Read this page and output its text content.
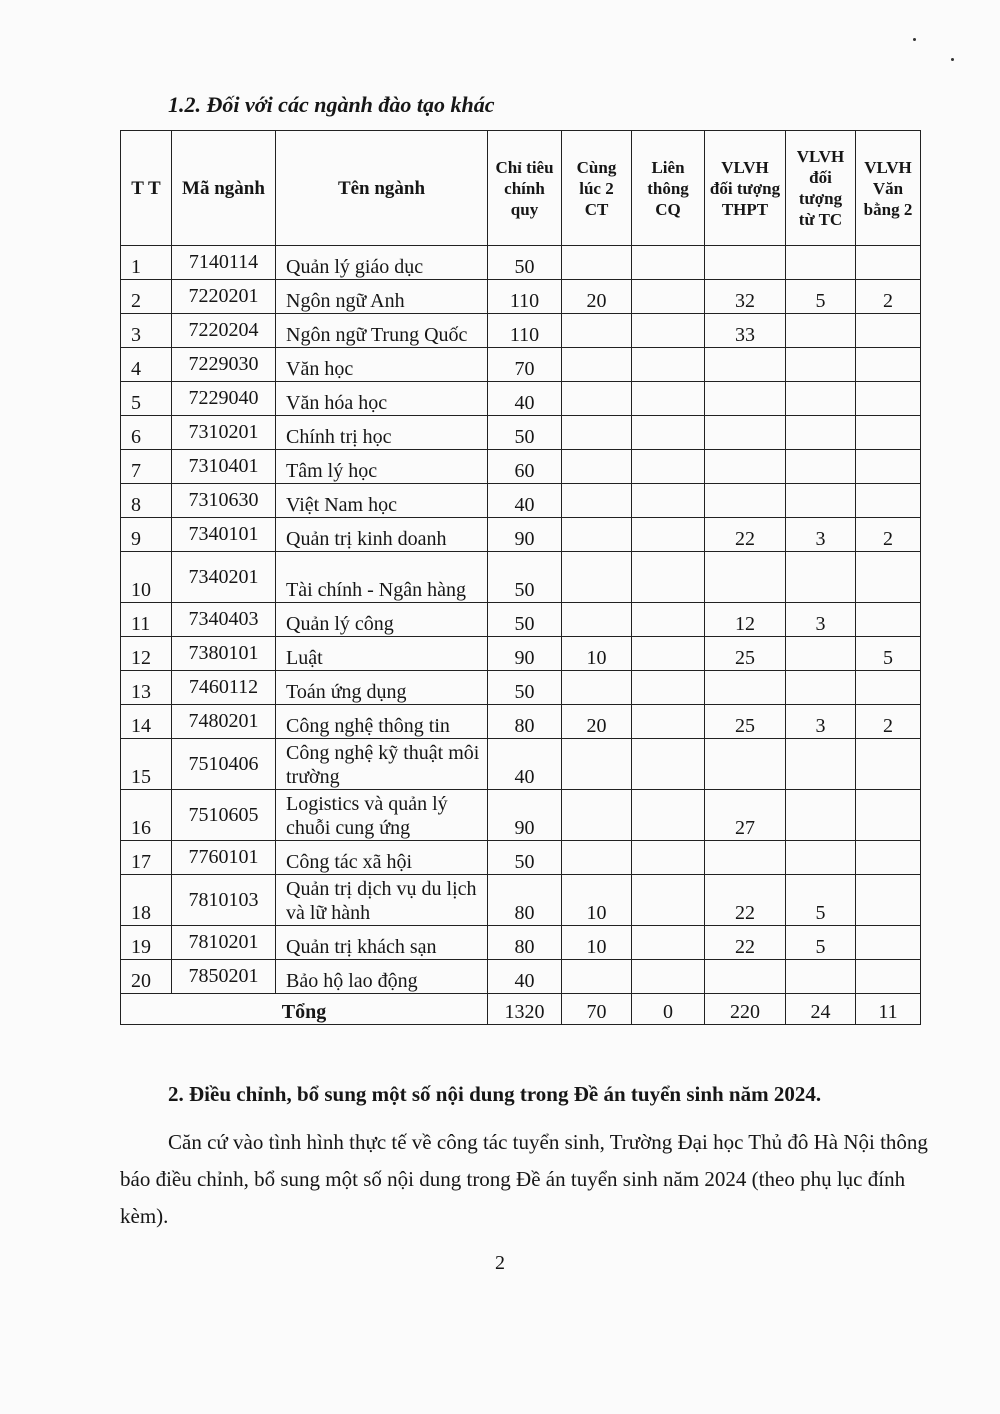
1.2. Đối với các ngành đào tạo khác

T T	Mã ngành	Tên ngành	Chỉ tiêu chính quy	Cùng lúc 2 CT	Liên thông CQ	VLVH đối tượng THPT	VLVH đối tượng từ TC	VLVH Văn bằng 2
1	7140114	Quản lý giáo dục	50					
2	7220201	Ngôn ngữ Anh	110	20		32	5	2
3	7220204	Ngôn ngữ Trung Quốc	110			33		
4	7229030	Văn học	70					
5	7229040	Văn hóa học	40					
6	7310201	Chính trị học	50					
7	7310401	Tâm lý học	60					
8	7310630	Việt Nam học	40					
9	7340101	Quản trị kinh doanh	90			22	3	2
10	7340201	Tài chính - Ngân hàng	50					
11	7340403	Quản lý công	50			12	3	
12	7380101	Luật	90	10		25		5
13	7460112	Toán ứng dụng	50					
14	7480201	Công nghệ thông tin	80	20		25	3	2
15	7510406	Công nghệ kỹ thuật môi trường	40					
16	7510605	Logistics và quản lý chuỗi cung ứng	90			27		
17	7760101	Công tác xã hội	50					
18	7810103	Quản trị dịch vụ du lịch và lữ hành	80	10		22	5	
19	7810201	Quản trị khách sạn	80	10		22	5	
20	7850201	Bảo hộ lao động	40					
Tổng			1320	70	0	220	24	11

2. Điều chỉnh, bổ sung một số nội dung trong Đề án tuyển sinh năm 2024.

Căn cứ vào tình hình thực tế về công tác tuyển sinh, Trường Đại học Thủ đô Hà Nội thông báo điều chỉnh, bổ sung một số nội dung trong Đề án tuyển sinh năm 2024 (theo phụ lục đính kèm).

2
